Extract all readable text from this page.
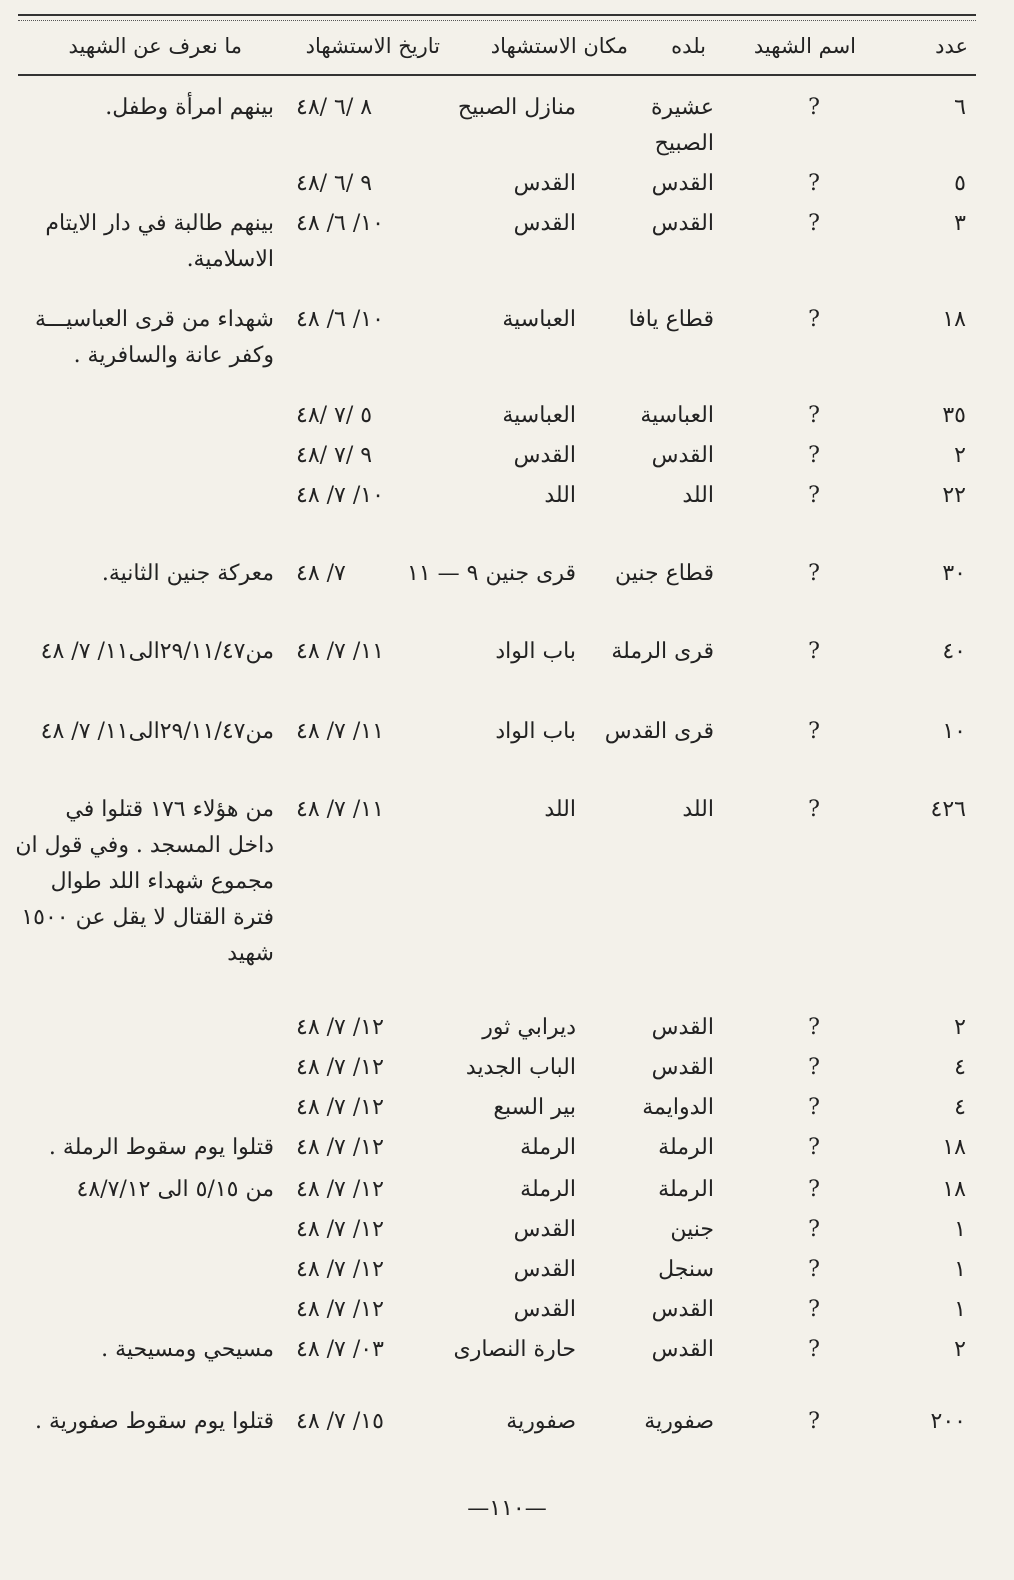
عدد
اسم الشهيد
بلده
مكان الاستشهاد
تاريخ الاستشهاد
ما نعرف عن الشهيد
٦
?
عشيرة الصبيح
منازل الصبيح
٨ /٦ /٤٨
بينهم امرأة وطفل.
٥
?
القدس
القدس
٩ /٦ /٤٨
٣
?
القدس
القدس
١٠/ ٦/ ٤٨
بينهم طالبة في دار الايتام الاسلامية.
١٨
?
قطاع يافا
العباسية
١٠/ ٦/ ٤٨
شهداء من قرى العباسيـــة وكفر عانة والسافرية .
٣٥
?
العباسية
العباسية
٥ /٧ /٤٨
٢
?
القدس
القدس
٩ /٧ /٤٨
٢٢
?
اللد
اللد
١٠/ ٧/ ٤٨
٣٠
?
قطاع جنين
قرى جنين ٩ — ١١
٧/ ٤٨
معركة جنين الثانية.
٤٠
?
قرى الرملة
باب الواد
١١/ ٧/ ٤٨
من٢٩/١١/٤٧الى١١/ ٧/ ٤٨
١٠
?
قرى القدس
باب الواد
١١/ ٧/ ٤٨
من٢٩/١١/٤٧الى١١/ ٧/ ٤٨
٤٢٦
?
اللد
اللد
١١/ ٧/ ٤٨
من هؤلاء ١٧٦ قتلوا في داخل المسجد . وفي قول ان مجموع شهداء اللد طوال فترة القتال لا يقل عن ١٥٠٠ شهيد
٢
?
القدس
ديرابي ثور
١٢/ ٧/ ٤٨
٤
?
القدس
الباب الجديد
١٢/ ٧/ ٤٨
٤
?
الدوايمة
بير السبع
١٢/ ٧/ ٤٨
١٨
?
الرملة
الرملة
١٢/ ٧/ ٤٨
قتلوا يوم سقوط الرملة .
١٨
?
الرملة
الرملة
١٢/ ٧/ ٤٨
من ٥/١٥ الى ٤٨/٧/١٢
١
?
جنين
القدس
١٢/ ٧/ ٤٨
١
?
سنجل
القدس
١٢/ ٧/ ٤٨
١
?
القدس
القدس
١٢/ ٧/ ٤٨
٢
?
القدس
حارة النصارى
٠٣/ ٧/ ٤٨
مسيحي ومسيحية .
٢٠٠
?
صفورية
صفورية
١٥/ ٧/ ٤٨
قتلوا يوم سقوط صفورية .
—١١٠—
